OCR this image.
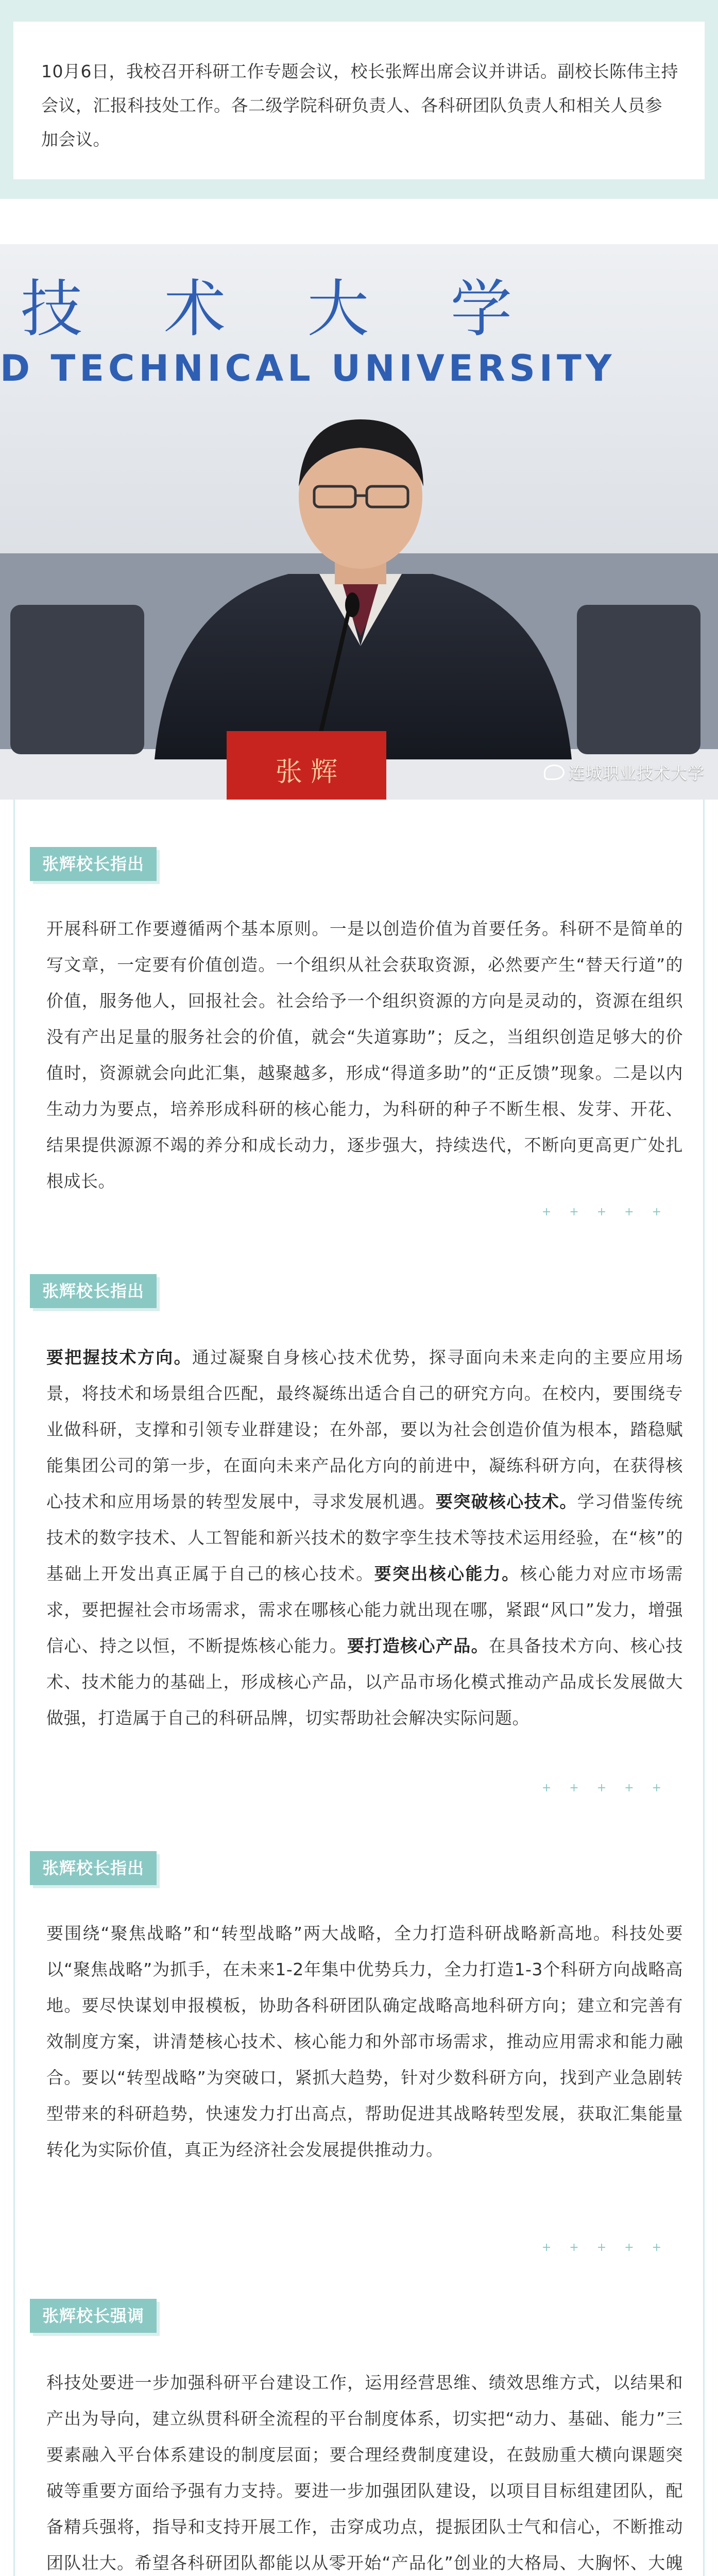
10月6日，我校召开科研工作专题会议，校长张辉出席会议并讲话。副校长陈伟主持会议，汇报科技处工作。各二级学院科研负责人、各科研团队负责人和相关人员参加会议。
技 术 大 学
D TECHNICAL UNIVERSITY
张 辉	连城职业技术大学
张辉校长指出
开展科研工作要遵循两个基本原则。一是以创造价值为首要任务。科研不是简单的写文章，一定要有价值创造。一个组织从社会获取资源，必然要产生“替天行道”的价值，服务他人，回报社会。社会给予一个组织资源的方向是灵动的，资源在组织没有产出足量的服务社会的价值，就会“失道寡助”；反之，当组织创造足够大的价值时，资源就会向此汇集，越聚越多，形成“得道多助”的“正反馈”现象。二是以内生动力为要点，培养形成科研的核心能力，为科研的种子不断生根、发芽、开花、结果提供源源不竭的养分和成长动力，逐步强大，持续迭代，不断向更高更广处扎根成长。
+ + + + +
张辉校长指出
要把握技术方向。通过凝聚自身核心技术优势，探寻面向未来走向的主要应用场景，将技术和场景组合匹配，最终凝练出适合自己的研究方向。在校内，要围绕专业做科研，支撑和引领专业群建设；在外部，要以为社会创造价值为根本，踏稳赋能集团公司的第一步，在面向未来产品化方向的前进中，凝练科研方向，在获得核心技术和应用场景的转型发展中，寻求发展机遇。要突破核心技术。学习借鉴传统技术的数字技术、人工智能和新兴技术的数字孪生技术等技术运用经验，在“核”的基础上开发出真正属于自己的核心技术。要突出核心能力。核心能力对应市场需求，要把握社会市场需求，需求在哪核心能力就出现在哪，紧跟“风口”发力，增强信心、持之以恒，不断提炼核心能力。要打造核心产品。在具备技术方向、核心技术、技术能力的基础上，形成核心产品，以产品市场化模式推动产品成长发展做大做强，打造属于自己的科研品牌，切实帮助社会解决实际问题。
+ + + + +
张辉校长指出
要围绕“聚焦战略”和“转型战略”两大战略，全力打造科研战略新高地。科技处要以“聚焦战略”为抓手，在未来1-2年集中优势兵力，全力打造1-3个科研方向战略高地。要尽快谋划申报模板，协助各科研团队确定战略高地科研方向；建立和完善有效制度方案，讲清楚核心技术、核心能力和外部市场需求，推动应用需求和能力融合。要以“转型战略”为突破口，紧抓大趋势，针对少数科研方向，找到产业急剧转型带来的科研趋势，快速发力打出高点，帮助促进其战略转型发展，获取汇集能量转化为实际价值，真正为经济社会发展提供推动力。
+ + + + +
张辉校长强调
科技处要进一步加强科研平台建设工作，运用经营思维、绩效思维方式，以结果和产出为导向，建立纵贯科研全流程的平台制度体系，切实把“动力、基础、能力”三要素融入平台体系建设的制度层面；要合理经费制度建设，在鼓励重大横向课题突破等重要方面给予强有力支持。要进一步加强团队建设，以项目目标组建团队，配备精兵强将，指导和支持开展工作，击穿成功点，提振团队士气和信心，不断推动团队壮大。希望各科研团队都能以从零开始“产品化”创业的大格局、大胸怀、大魄
